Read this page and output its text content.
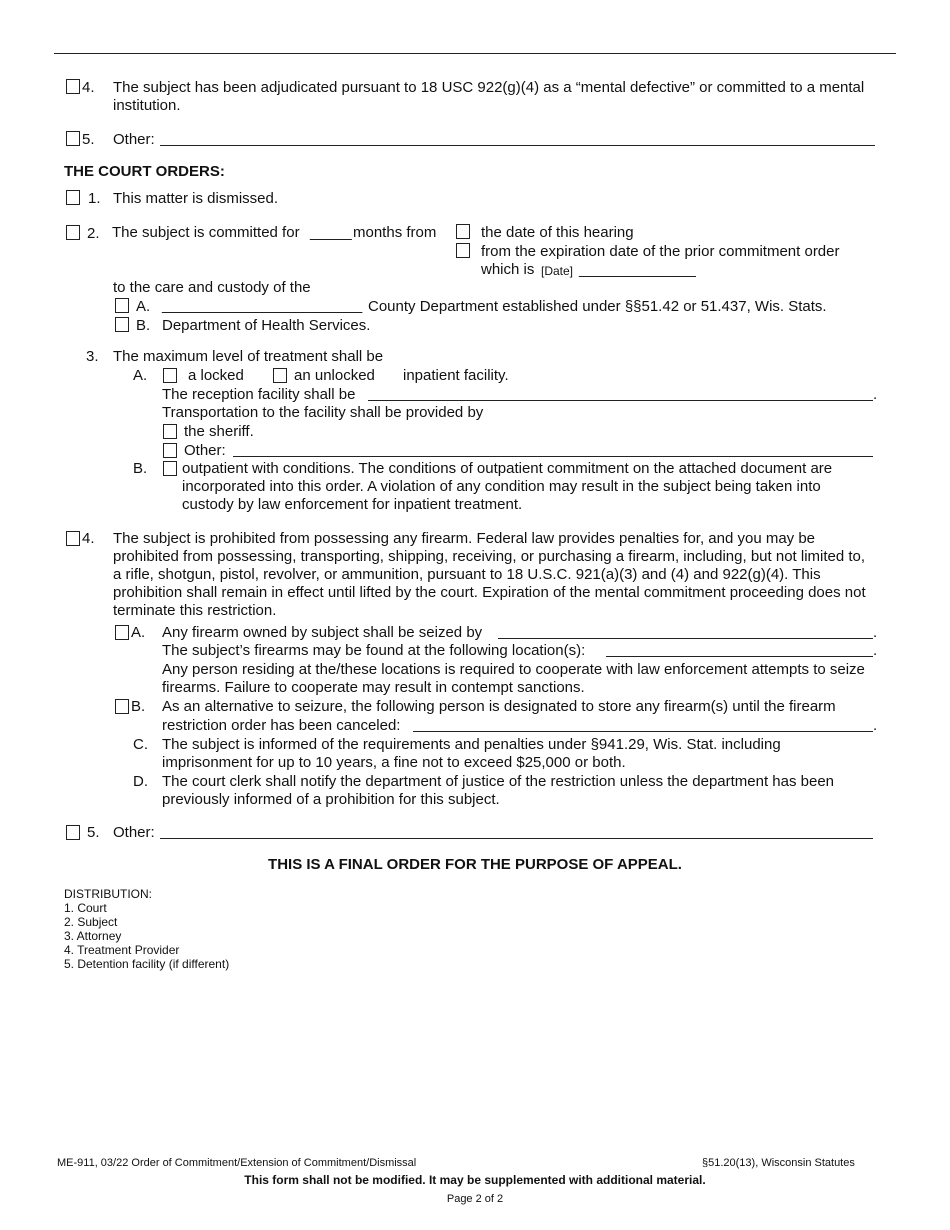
4. The subject has been adjudicated pursuant to 18 USC 922(g)(4) as a “mental defective” or committed to a mental institution.
5. Other:
THE COURT ORDERS:
1. This matter is dismissed.
2. The subject is committed for _____ months from	the date of this hearing
from the expiration date of the prior commitment order
which is [Date] ______________
to the care and custody of the
A. ________________________ County Department established under §§51.42 or 51.437, Wis. Stats.
B. Department of Health Services.
3. The maximum level of treatment shall be
A.	a locked	an unlocked inpatient facility.
The reception facility shall be	.
Transportation to the facility shall be provided by
the sheriff.
Other:
B. outpatient with conditions. The conditions of outpatient commitment on the attached document are incorporated into this order. A violation of any condition may result in the subject being taken into custody by law enforcement for inpatient treatment.
4. The subject is prohibited from possessing any firearm. Federal law provides penalties for, and you may be prohibited from possessing, transporting, shipping, receiving, or purchasing a firearm, including, but not limited to, a rifle, shotgun, pistol, revolver, or ammunition, pursuant to 18 U.S.C. 921(a)(3) and (4) and 922(g)(4). This prohibition shall remain in effect until lifted by the court. Expiration of the mental commitment proceeding does not terminate this restriction.
A. Any firearm owned by subject shall be seized by	.
The subject’s firearms may be found at the following location(s):	.
Any person residing at the/these locations is required to cooperate with law enforcement attempts to seize firearms. Failure to cooperate may result in contempt sanctions.
B. As an alternative to seizure, the following person is designated to store any firearm(s) until the firearm
restriction order has been canceled:	.
C. The subject is informed of the requirements and penalties under §941.29, Wis. Stat. including imprisonment for up to 10 years, a fine not to exceed $25,000 or both.
D. The court clerk shall notify the department of justice of the restriction unless the department has been previously informed of a prohibition for this subject.
5. Other:
THIS IS A FINAL ORDER FOR THE PURPOSE OF APPEAL.
DISTRIBUTION:
1. Court
2. Subject
3. Attorney
4. Treatment Provider
5. Detention facility (if different)
ME-911, 03/22 Order of Commitment/Extension of Commitment/Dismissal	§51.20(13), Wisconsin Statutes
This form shall not be modified. It may be supplemented with additional material.
Page 2 of 2
